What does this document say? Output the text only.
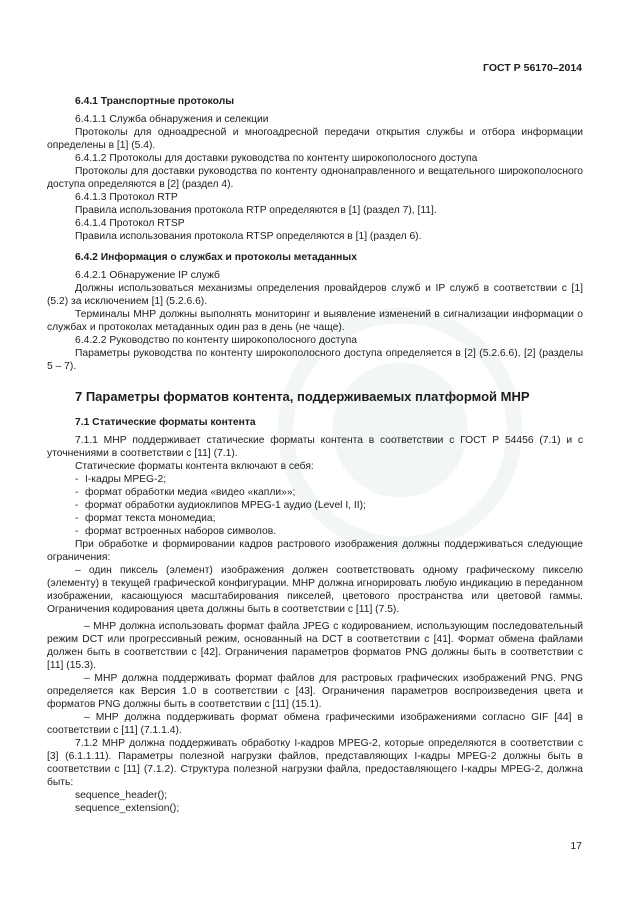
ГОСТ Р 56170–2014
6.4.1 Транспортные протоколы
6.4.1.1 Служба обнаружения и селекции
Протоколы для одноадресной и многоадресной передачи открытия службы и отбора информации определены в [1] (5.4).
6.4.1.2 Протоколы для доставки руководства по контенту широкополосного доступа
Протоколы для доставки руководства по контенту однонаправленного и вещательного широкополосного доступа определяются в [2] (раздел 4).
6.4.1.3 Протокол RTP
Правила использования протокола RTP определяются в [1] (раздел 7), [11].
6.4.1.4 Протокол RTSP
Правила использования протокола RTSP определяются в [1] (раздел 6).
6.4.2 Информация о службах и протоколы метаданных
6.4.2.1 Обнаружение IP служб
Должны использоваться механизмы определения провайдеров служб и IP служб в соответствии с [1] (5.2) за исключением [1] (5.2.6.6).
Терминалы МНР должны выполнять мониторинг и выявление изменений в сигнализации информации о службах и протоколах метаданных один раз в день (не чаще).
6.4.2.2 Руководство по контенту широкополосного доступа
Параметры руководства по контенту широкополосного доступа определяется в [2] (5.2.6.6), [2] (разделы 5 – 7).
7 Параметры форматов контента, поддерживаемых платформой МНР
7.1 Статические форматы контента
7.1.1 МНР поддерживает статические форматы контента в соответствии с ГОСТ Р 54456 (7.1) и с уточнениями в соответствии с [11] (7.1).
Статические форматы контента включают в себя:
- I-кадры MPEG-2;
- формат обработки медиа «видео «капли»»;
- формат обработки аудиоклипов MPEG-1 аудио (Level I, II);
- формат текста мономедиа;
- формат встроенных наборов символов.
При обработке и формировании кадров растрового изображения должны поддерживаться следующие ограничения:
– один пиксель (элемент) изображения должен соответствовать одному графическому пикселю (элементу) в текущей графической конфигурации. МНР должна игнорировать любую индикацию в переданном изображении, касающуюся масштабирования пикселей, цветового пространства или цветовой гаммы. Ограничения кодирования цвета должны быть в соответствии с [11] (7.5).
– МНР должна использовать формат файла JPEG с кодированием, использующим последовательный режим DCT или прогрессивный режим, основанный на DCT в соответствии с [41]. Формат обмена файлами должен быть в соответствии с [42]. Ограничения параметров форматов PNG должны быть в соответствии с [11] (15.3).
– МНР должна поддерживать формат файлов для растровых графических изображений PNG. PNG определяется как Версия 1.0 в соответствии с [43]. Ограничения параметров воспроизведения цвета и форматов PNG должны быть в соответствии с [11] (15.1).
– МНР должна поддерживать формат обмена графическими изображениями согласно GIF [44] в соответствии с [11] (7.1.1.4).
7.1.2 МНР должна поддерживать обработку I-кадров MPEG-2, которые определяются в соответствии с [3] (6.1.1.11). Параметры полезной нагрузки файлов, представляющих I-кадры MPEG-2 должны быть в соответствии с [11] (7.1.2). Структура полезной нагрузки файла, предоставляющего I-кадры MPEG-2, должна быть:
sequence_header();
sequence_extension();
17
